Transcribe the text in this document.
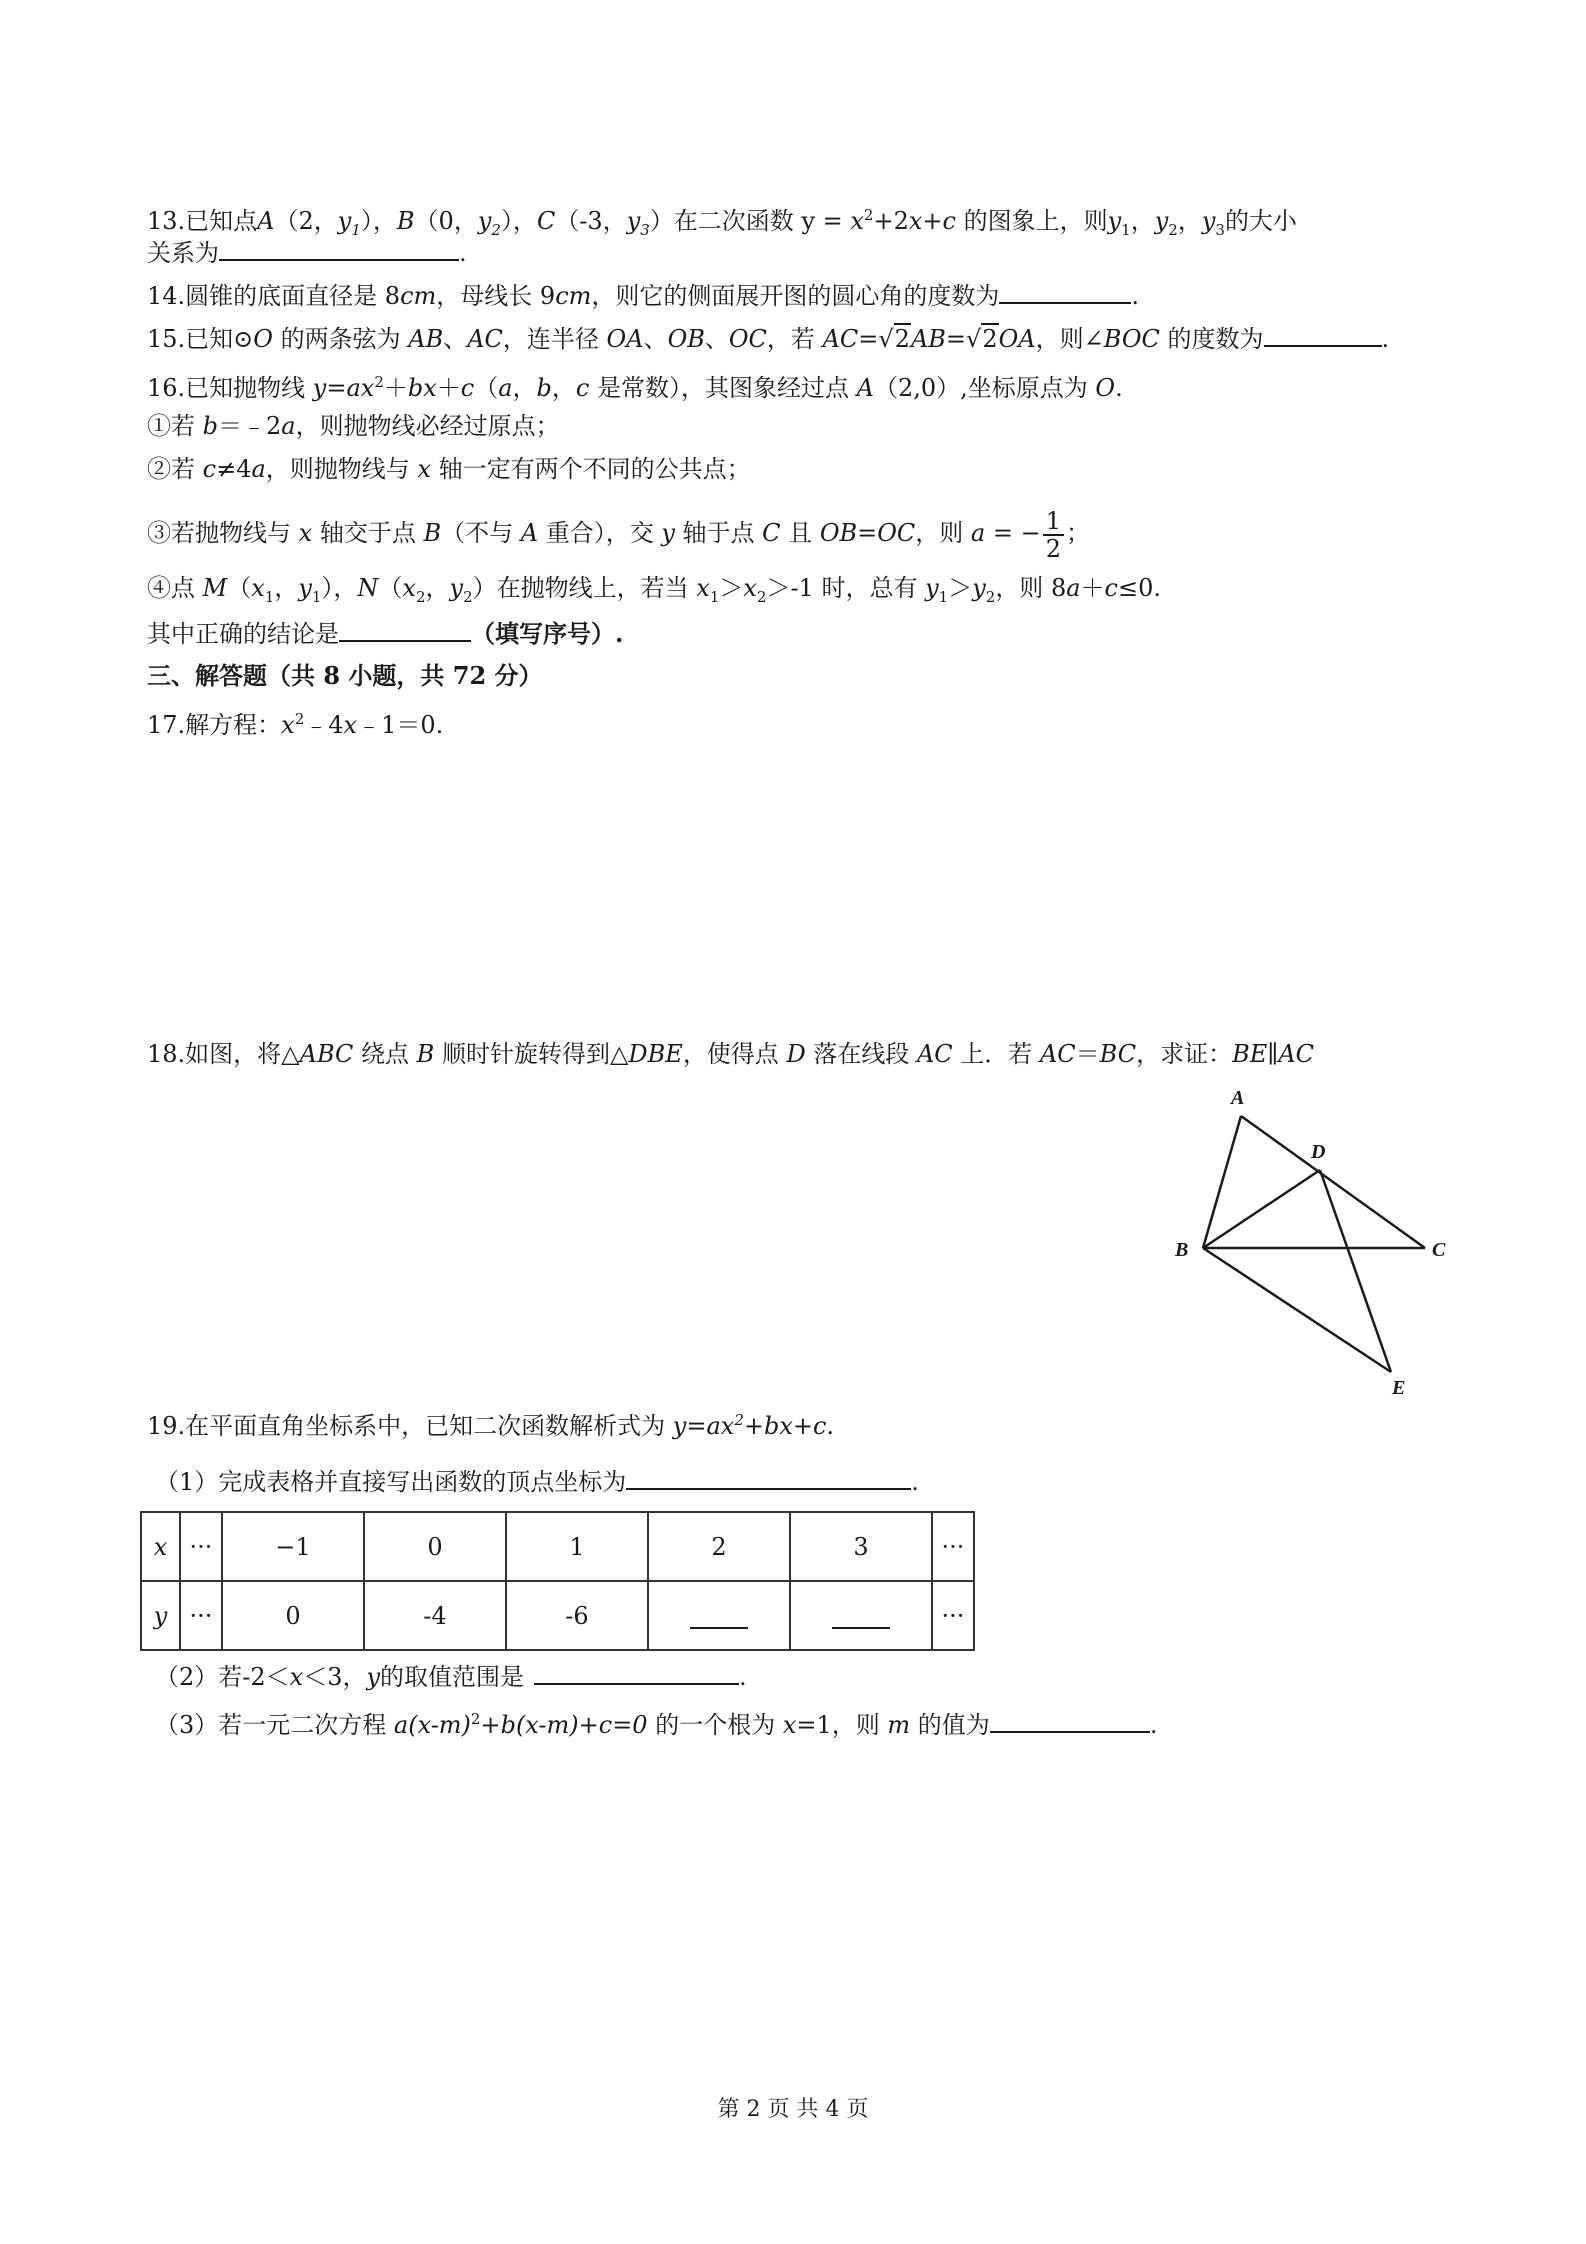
13.已知点A（2，$y_1$），B（0，$y_2$），C（-3，$y_3$）在二次函数 $y = x^2+2x+c$ 的图象上，则$y_1$，$y_2$，$y_3$的大小
关系为	.
14.圆锥的底面直径是 8cm，母线长 9cm，则它的侧面展开图的圆心角的度数为	.
15.已知⊙O 的两条弦为 AB、AC，连半径 OA、OB、OC，若 AC=√2AB=√2OA，则∠BOC 的度数为	.
16.已知抛物线 $y=ax^2+bx+c(a$，b，c 是常数），其图象经过点 A（2,0）,坐标原点为 O.
①若 b＝﹣2a，则抛物线必经过原点；
②若 c≠4a，则抛物线与 x 轴一定有两个不同的公共点；
③若抛物线与 x 轴交于点 B（不与 A 重合），交 y 轴于点 C 且 OB=OC，则 a = − $\frac{1}{2}$ ；
④点 $M(x_1$，$y_1$），$N(x_2$，$y_2$）在抛物线上，若当 $x_1>x_2>-1$ 时，总有 $y_1>y_2$，则 8a＋c≤0.
其中正确的结论是	（填写序号）.
三、解答题（共 8 小题，共 72 分）
17.解方程：$x^2﹣4x﹣1=0$.
18.如图，将△ABC 绕点 B 顺时针旋转得到△DBE，使得点 D 落在线段 AC 上．若 AC＝BC，求证：BE∥AC
A
B	C
D
E
19.在平面直角坐标系中，已知二次函数解析式为 $y=ax^2+bx+c$.
（1）完成表格并直接写出函数的顶点坐标为	.
x	···	−1	0	1	2	3	···
y	···	0	-4	-6			···
（2）若-2＜x＜3，y的取值范围是	.
（3）若一元二次方程 $a(x-m)^2+b(x-m)+c=0$ 的一个根为 x=1，则 m 的值为	.
第 2 页 共 4 页
